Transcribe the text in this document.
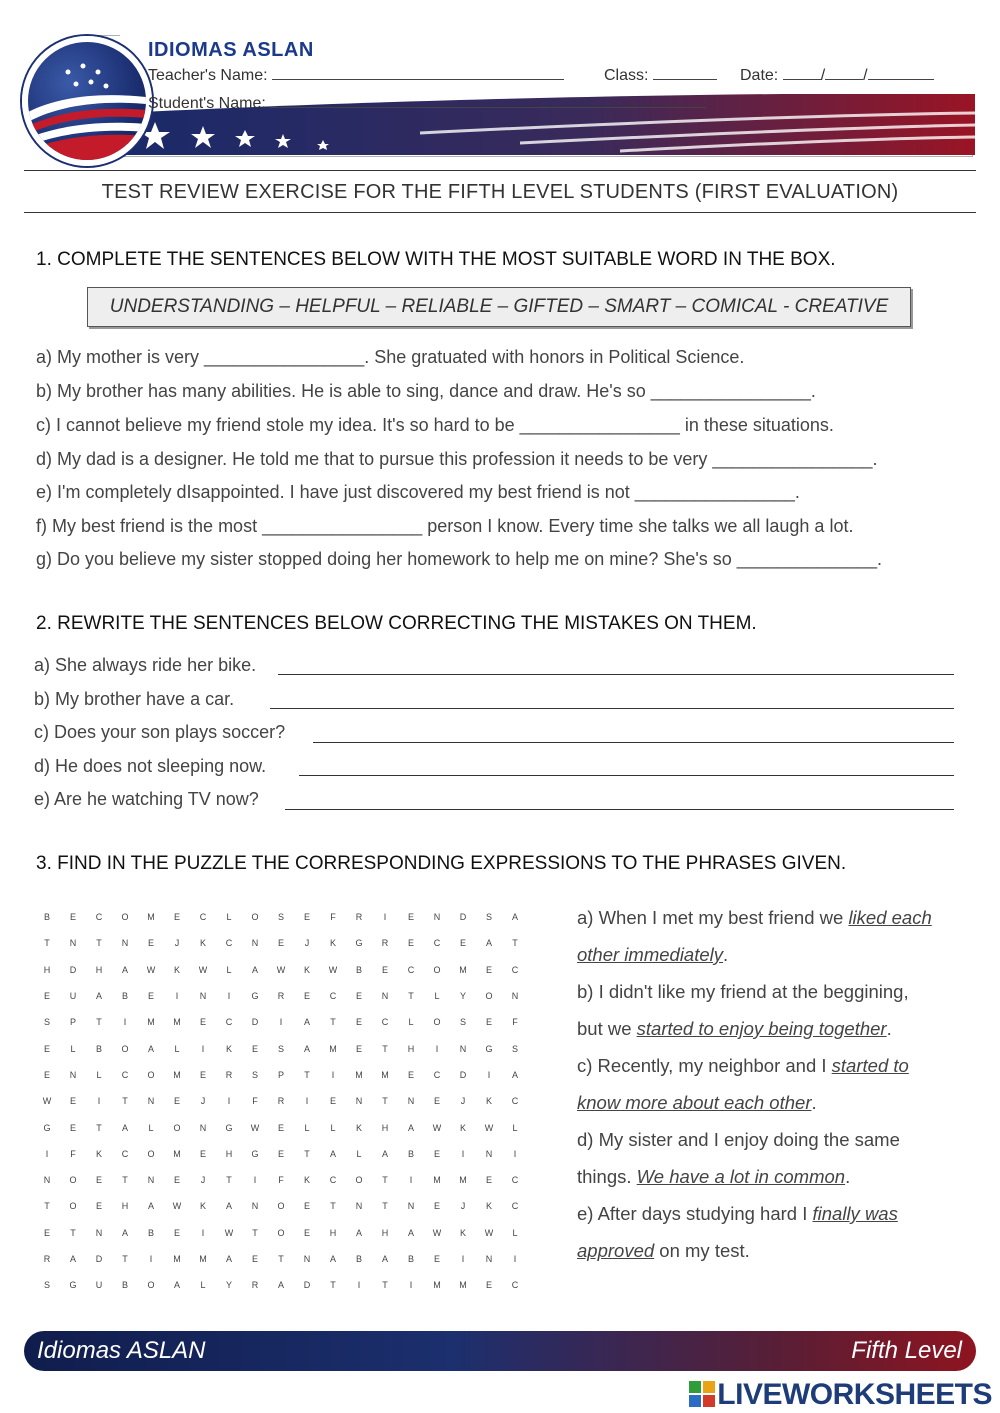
IDIOMAS ASLAN
Teacher's Name:	Class:	Date:	/ /
Student's Name:
TEST REVIEW EXERCISE FOR THE FIFTH LEVEL STUDENTS (FIRST EVALUATION)
1. COMPLETE THE SENTENCES BELOW WITH THE MOST SUITABLE WORD IN THE BOX.
UNDERSTANDING – HELPFUL – RELIABLE – GIFTED – SMART – COMICAL - CREATIVE
a) My mother is very ________________. She gratuated with honors in Political Science.
b) My brother has many abilities. He is able to sing, dance and draw. He's so ________________.
c) I cannot believe my friend stole my idea. It's so hard to be ________________ in these situations.
d) My dad is a designer. He told me that to pursue this profession it needs to be very ________________.
e) I'm completely dIsappointed. I have just discovered my best friend is not ________________.
f) My best friend is the most ________________ person I know. Every time she talks we all laugh a lot.
g) Do you believe my sister stopped doing her homework to help me on mine? She's so ______________.
2. REWRITE THE SENTENCES BELOW CORRECTING THE MISTAKES ON THEM.
a) She always ride her bike.
b) My brother have a car.
c) Does your son plays soccer?
d) He does not sleeping now.
e) Are he watching TV now?
3. FIND IN THE PUZZLE THE CORRESPONDING EXPRESSIONS TO THE PHRASES GIVEN.
B	E	C	O	M	E	C	L	O	S	E	F	R	I	E	N	D	S	A
T	N	T	N	E	J	K	C	N	E	J	K	G	R	E	C	E	A	T
H	D	H	A	W	K	W	L	A	W	K	W	B	E	C	O	M	E	C
E	U	A	B	E	I	N	I	G	R	E	C	E	N	T	L	Y	O	N
S	P	T	I	M	M	E	C	D	I	A	T	E	C	L	O	S	E	F
E	L	B	O	A	L	I	K	E	S	A	M	E	T	H	I	N	G	S
E	N	L	C	O	M	E	R	S	P	T	I	M	M	E	C	D	I	A
W	E	I	T	N	E	J	I	F	R	I	E	N	T	N	E	J	K	C
G	E	T	A	L	O	N	G	W	E	L	L	K	H	A	W	K	W	L
I	F	K	C	O	M	E	H	G	E	T	A	L	A	B	E	I	N	I
N	O	E	T	N	E	J	T	I	F	K	C	O	T	I	M	M	E	C
T	O	E	H	A	W	K	A	N	O	E	T	N	T	N	E	J	K	C
E	T	N	A	B	E	I	W	T	O	E	H	A	H	A	W	K	W	L
R	A	D	T	I	M	M	A	E	T	N	A	B	A	B	E	I	N	I
S	G	U	B	O	A	L	Y	R	A	D	T	I	T	I	M	M	E	C
a) When I met my best friend we liked each
other immediately.
b) I didn't like my friend at the beggining,
but we started to enjoy being together.
c) Recently, my neighbor and I started to
know more about each other.
d) My sister and I enjoy doing the same
things. We have a lot in common.
e) After days studying hard I finally was
approved on my test.
Idiomas ASLAN	Fifth Level
LIVEWORKSHEETS
